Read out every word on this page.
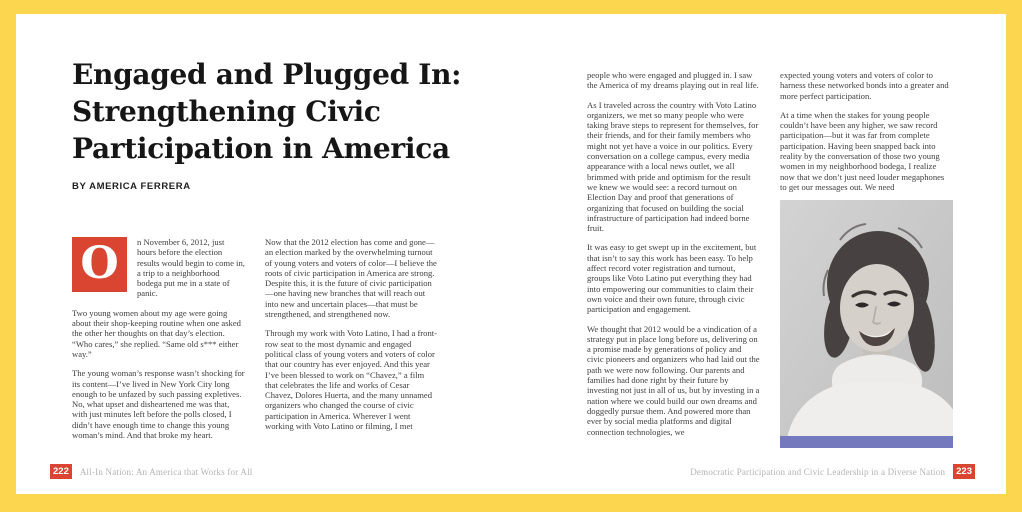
Engaged and Plugged In:
Strengthening Civic
Participation in America
BY AMERICA FERRERA
O	n November 6, 2012, just hours before the election results would begin to come in, a trip to a neighborhood bodega put me in a state of panic.

Two young women about my age were going about their shop-keeping routine when one asked the other her thoughts on that day’s election. “Who cares,” she replied. “Same old s*** either way.”

The young woman’s response wasn’t shocking for its content—I’ve lived in New York City long enough to be unfazed by such passing expletives. No, what upset and disheartened me was that, with just minutes left before the polls closed, I didn’t have enough time to change this young woman’s mind. And that broke my heart.

Now that the 2012 election has come and gone—an election marked by the overwhelming turnout of young voters and voters of color—I believe the roots of civic participation in America are strong. Despite this, it is the future of civic participation—one having new branches that will reach out into new and uncertain places—that must be strengthened, and strengthened now.

Through my work with Voto Latino, I had a front-row seat to the most dynamic and engaged political class of young voters and voters of color that our country has ever enjoyed. And this year I’ve been blessed to work on “Chavez,” a film that celebrates the life and works of Cesar Chavez, Dolores Huerta, and the many unnamed organizers who changed the course of civic participation in America. Wherever I went working with Voto Latino or filming, I met

222	All-In Nation: An America that Works for All

people who were engaged and plugged in. I saw the America of my dreams playing out in real life.

As I traveled across the country with Voto Latino organizers, we met so many people who were taking brave steps to represent for themselves, for their friends, and for their family members who might not yet have a voice in our politics. Every conversation on a college campus, every media appearance with a local news outlet, we all brimmed with pride and optimism for the result we knew we would see: a record turnout on Election Day and proof that generations of organizing that focused on building the social infrastructure of participation had indeed borne fruit.

It was easy to get swept up in the excitement, but that isn’t to say this work has been easy. To help affect record voter registration and turnout, groups like Voto Latino put everything they had into empowering our communities to claim their own voice and their own future, through civic participation and engagement.

We thought that 2012 would be a vindication of a strategy put in place long before us, delivering on a promise made by generations of policy and civic pioneers and organizers who had laid out the path we were now following. Our parents and families had done right by their future by investing not just in all of us, but by investing in a nation where we could build our own dreams and doggedly pursue them. And powered more than ever by social media platforms and digital connection technologies, we

expected young voters and voters of color to harness these networked bonds into a greater and more perfect participation.

At a time when the stakes for young people couldn’t have been any higher, we saw record participation—but it was far from complete participation. Having been snapped back into reality by the conversation of those two young women in my neighborhood bodega, I realize now that we don’t just need louder megaphones to get our messages out. We need

Democratic Participation and Civic Leadership in a Diverse Nation	223
